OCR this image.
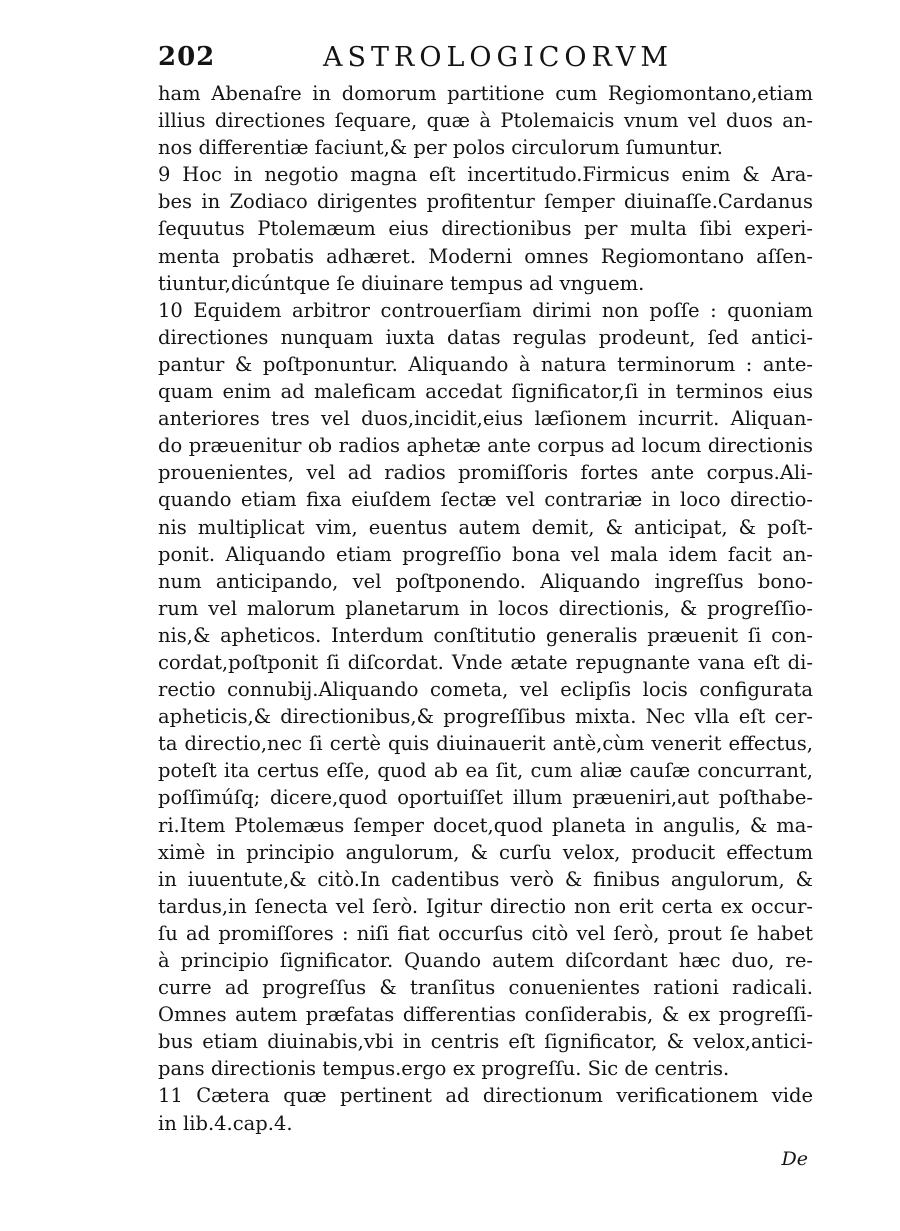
202	ASTROLOGICORVM
ham Abenaſre in domorum partitione cum Regiomontano,etiam
illius directiones ſequare, quæ à Ptolemaicis vnum vel duos an-
nos differentiæ faciunt,& per polos circulorum ſumuntur.
9 Hoc in negotio magna eſt incertitudo.Firmicus enim & Ara-
bes in Zodiaco dirigentes profitentur ſemper diuinaſſe.Cardanus
ſequutus Ptolemæum eius directionibus per multa ſibi experi-
menta probatis adhæret. Moderni omnes Regiomontano aſſen-
tiuntur,dicúntque ſe diuinare tempus ad vnguem.
10 Equidem arbitror controuerſiam dirimi non poſſe : quoniam
directiones nunquam iuxta datas regulas prodeunt, ſed antici-
pantur & poſtponuntur. Aliquando à natura terminorum : ante-
quam enim ad maleficam accedat ſignificator,ſi in terminos eius
anteriores tres vel duos,incidit,eius læſionem incurrit. Aliquan-
do præuenitur ob radios aphetæ ante corpus ad locum directionis
prouenientes, vel ad radios promiſſoris fortes ante corpus.Ali-
quando etiam fixa eiuſdem ſectæ vel contrariæ in loco directio-
nis multiplicat vim, euentus autem demit, & anticipat, & poſt-
ponit. Aliquando etiam progreſſio bona vel mala idem facit an-
num anticipando, vel poſtponendo. Aliquando ingreſſus bono-
rum vel malorum planetarum in locos directionis, & progreſſio-
nis,& apheticos. Interdum conſtitutio generalis præuenit ſi con-
cordat,poſtponit ſi diſcordat. Vnde ætate repugnante vana eſt di-
rectio connubij.Aliquando cometa, vel eclipſis locis configurata
apheticis,& directionibus,& progreſſibus mixta. Nec vlla eſt cer-
ta directio,nec ſi certè quis diuinauerit antè,cùm venerit effectus,
poteſt ita certus eſſe, quod ab ea ſit, cum aliæ cauſæ concurrant,
poſſimúſq; dicere,quod oportuiſſet illum præueniri,aut poſthabe-
ri.Item Ptolemæus ſemper docet,quod planeta in angulis, & ma-
ximè in principio angulorum, & curſu velox, producit effectum
in iuuentute,& citò.In cadentibus verò & finibus angulorum, &
tardus,in ſenecta vel ſerò. Igitur directio non erit certa ex occur-
ſu ad promiſſores : niſi fiat occurſus citò vel ſerò, prout ſe habet
à principio ſignificator. Quando autem diſcordant hæc duo, re-
curre ad progreſſus & tranſitus conuenientes rationi radicali.
Omnes autem præfatas differentias conſiderabis, & ex progreſſi-
bus etiam diuinabis,vbi in centris eſt ſignificator, & velox,antici-
pans directionis tempus.ergo ex progreſſu. Sic de centris.
11 Cætera quæ pertinent ad directionum verificationem vide
in lib.4.cap.4.
De
